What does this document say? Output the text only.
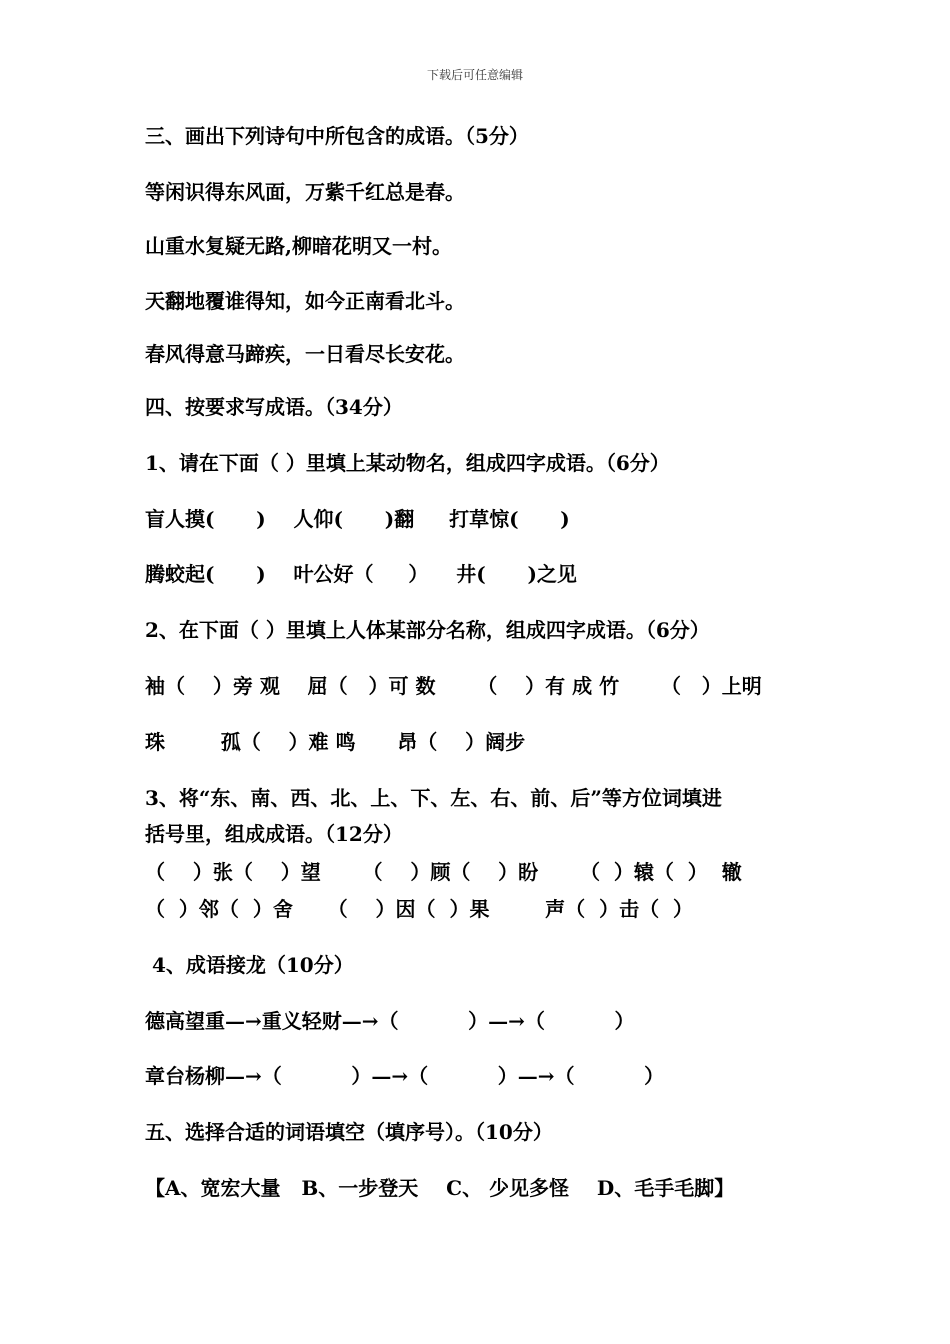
下载后可任意编辑
三、画出下列诗句中所包含的成语。（5分）
等闲识得东风面，万紫千红总是春。
山重水复疑无路,柳暗花明又一村。
天翻地覆谁得知，如今正南看北斗。
春风得意马蹄疾，一日看尽长安花。
四、按要求写成语。（34分）
1、请在下面（ ）里填上某动物名，组成四字成语。（6分）
盲人摸(      )    人仰(      )翻     打草惊(      )
腾蛟起(      )    叶公好（     ）    井(      )之见
2、在下面（ ）里填上人体某部分名称，组成四字成语。（6分）
袖（    ）旁 观    屈（   ）可 数      （    ）有 成 竹      （   ）上明
珠        孤（    ）难 鸣      昂（    ）阔步
3、将“东、南、西、北、上、下、左、右、前、后”等方位词填进
括号里，组成成语。（12分）
（    ）张（    ）望      （    ）顾（    ）盼      （  ）辕（  ）  辙
（  ）邻（  ）舍     （    ）因（  ）果        声（  ）击（  ）
4、成语接龙（10分）
德高望重—→重义轻财—→（          ）—→（          ）
章台杨柳—→（          ）—→（          ）—→（          ）
五、选择合适的词语填空（填序号）。（10分）
【A、宽宏大量   B、一步登天    C、 少见多怪    D、毛手毛脚】
